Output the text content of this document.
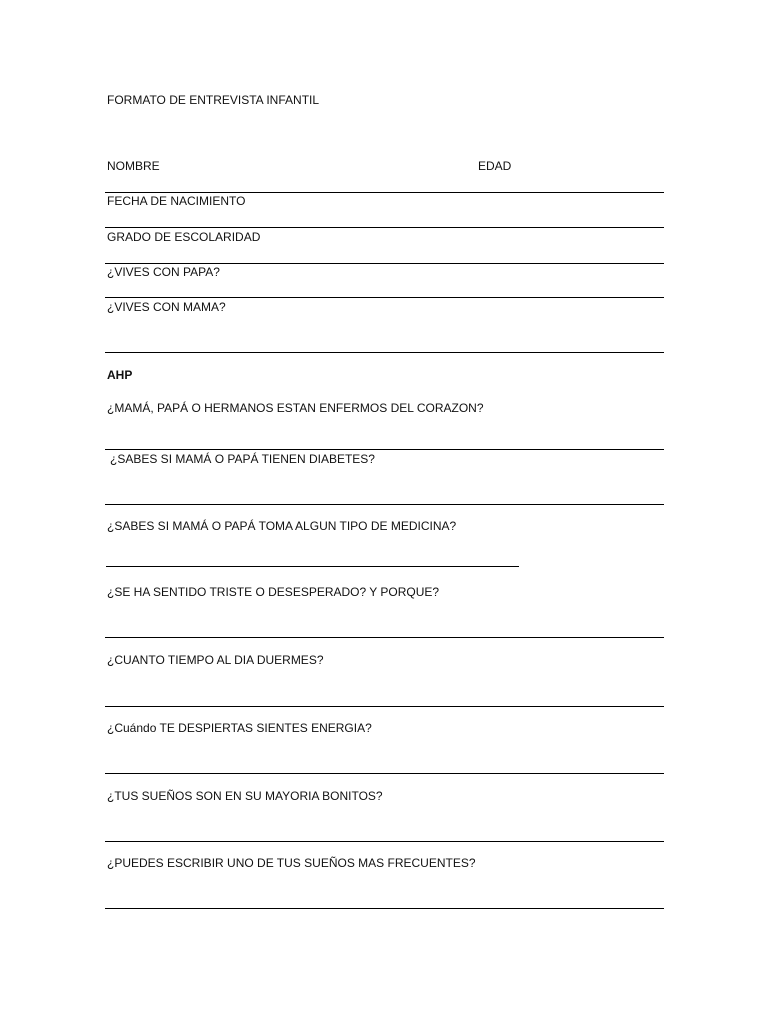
FORMATO DE ENTREVISTA INFANTIL
NOMBRE	EDAD
FECHA DE NACIMIENTO
GRADO DE ESCOLARIDAD
¿VIVES CON PAPA?
¿VIVES CON MAMA?
AHP
¿MAMÁ, PAPÁ O HERMANOS ESTAN ENFERMOS DEL CORAZON?
¿SABES SI MAMÁ O PAPÁ TIENEN DIABETES?
¿SABES SI MAMÁ O PAPÁ TOMA ALGUN TIPO DE MEDICINA?
¿SE HA SENTIDO TRISTE O DESESPERADO? Y PORQUE?
¿CUANTO TIEMPO AL DIA DUERMES?
¿Cuándo TE DESPIERTAS SIENTES ENERGIA?
¿TUS SUEÑOS SON EN SU MAYORIA BONITOS?
¿PUEDES ESCRIBIR UNO DE TUS SUEÑOS MAS FRECUENTES?
